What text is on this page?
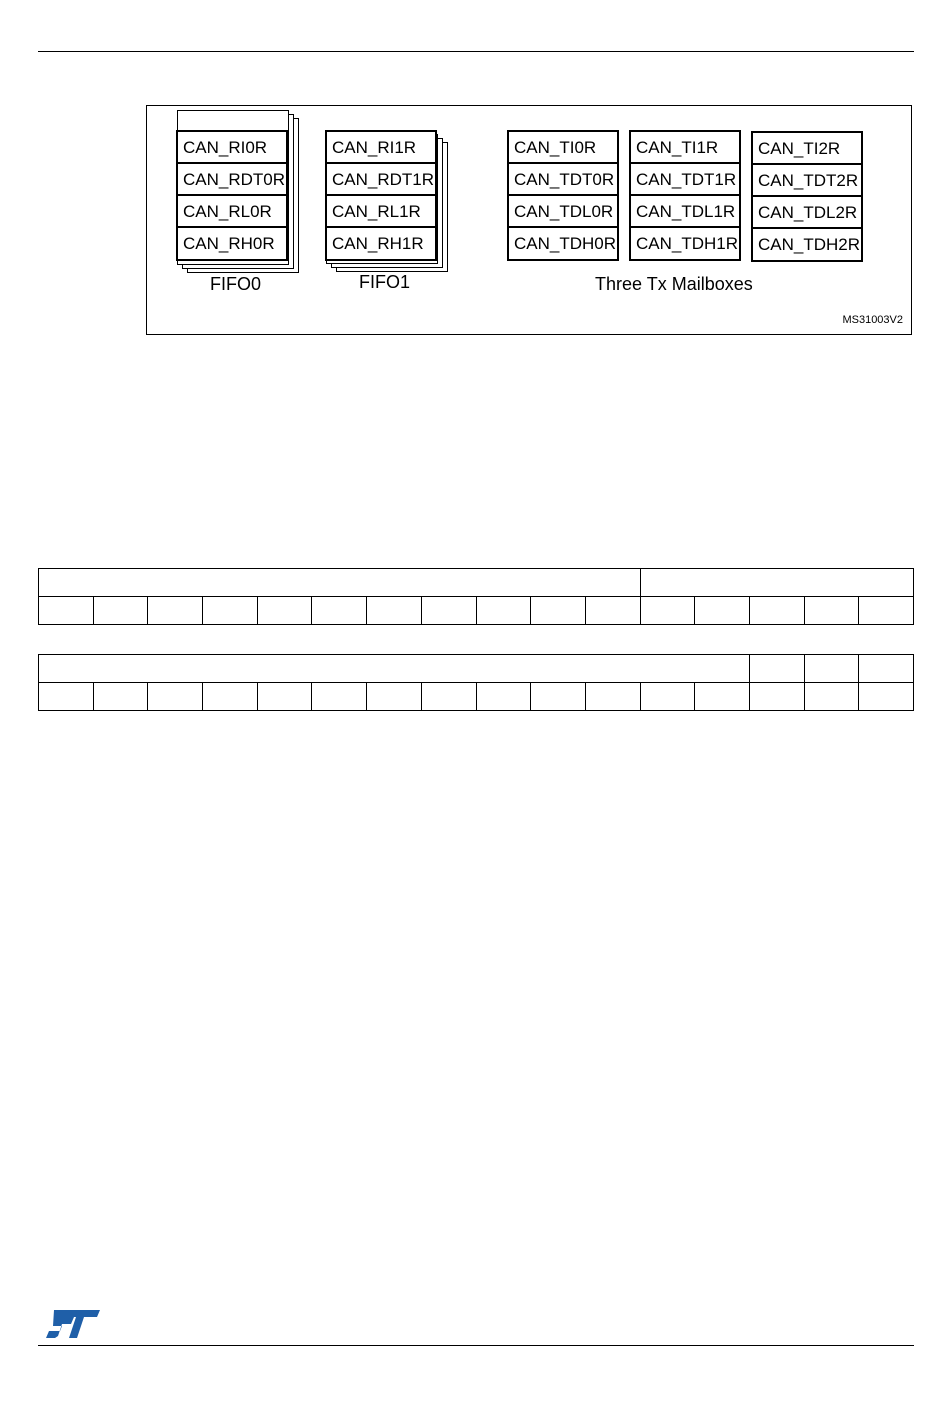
CAN_RI0R
CAN_RDT0R
CAN_RL0R
CAN_RH0R
FIFO0
CAN_RI1R
CAN_RDT1R
CAN_RL1R
CAN_RH1R
FIFO1
CAN_TI0R
CAN_TDT0R
CAN_TDL0R
CAN_TDH0R
CAN_TI1R
CAN_TDT1R
CAN_TDL1R
CAN_TDH1R
CAN_TI2R
CAN_TDT2R
CAN_TDL2R
CAN_TDH2R
Three Tx Mailboxes
MS31003V2
